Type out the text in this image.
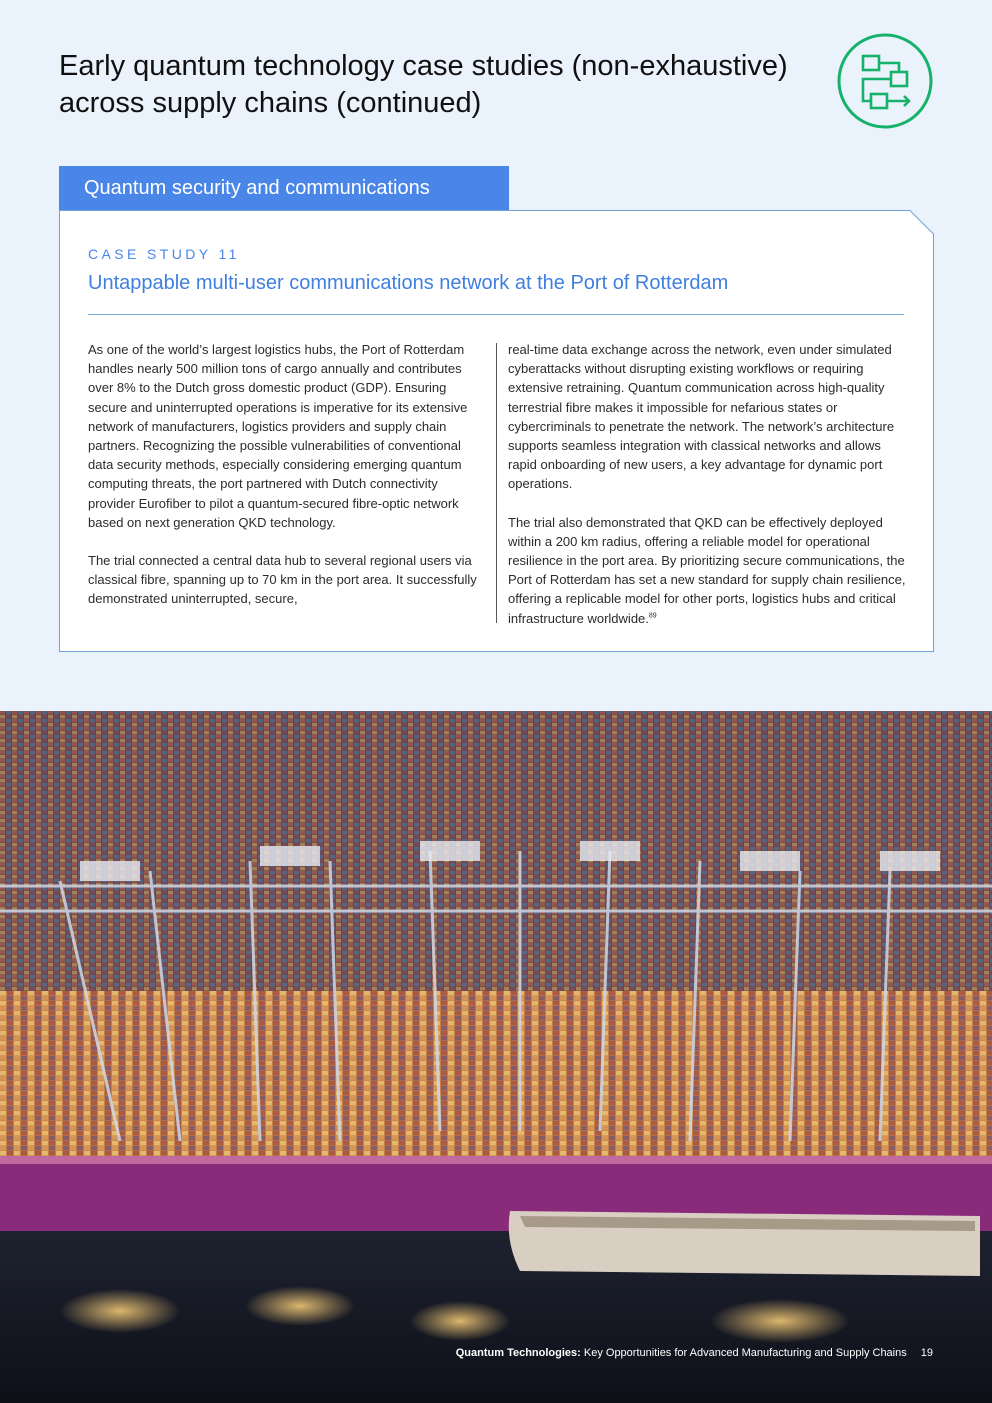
Early quantum technology case studies (non-exhaustive) across supply chains (continued)
Quantum security and communications
CASE STUDY 11
Untappable multi-user communications network at the Port of Rotterdam

As one of the world’s largest logistics hubs, the Port of Rotterdam handles nearly 500 million tons of cargo annually and contributes over 8% to the Dutch gross domestic product (GDP). Ensuring secure and uninterrupted operations is imperative for its extensive network of manufacturers, logistics providers and supply chain partners. Recognizing the possible vulnerabilities of conventional data security methods, especially considering emerging quantum computing threats, the port partnered with Dutch connectivity provider Eurofiber to pilot a quantum-secured fibre-optic network based on next generation QKD technology.

The trial connected a central data hub to several regional users via classical fibre, spanning up to 70 km in the port area. It successfully demonstrated uninterrupted, secure,

real-time data exchange across the network, even under simulated cyberattacks without disrupting existing workflows or requiring extensive retraining. Quantum communication across high-quality terrestrial fibre makes it impossible for nefarious states or cybercriminals to penetrate the network. The network’s architecture supports seamless integration with classical networks and allows rapid onboarding of new users, a key advantage for dynamic port operations.

The trial also demonstrated that QKD can be effectively deployed within a 200 km radius, offering a reliable model for operational resilience in the port area. By prioritizing secure communications, the Port of Rotterdam has set a new standard for supply chain resilience, offering a replicable model for other ports, logistics hubs and critical infrastructure worldwide.$^{89}$

Quantum Technologies: Key Opportunities for Advanced Manufacturing and Supply Chains 19
